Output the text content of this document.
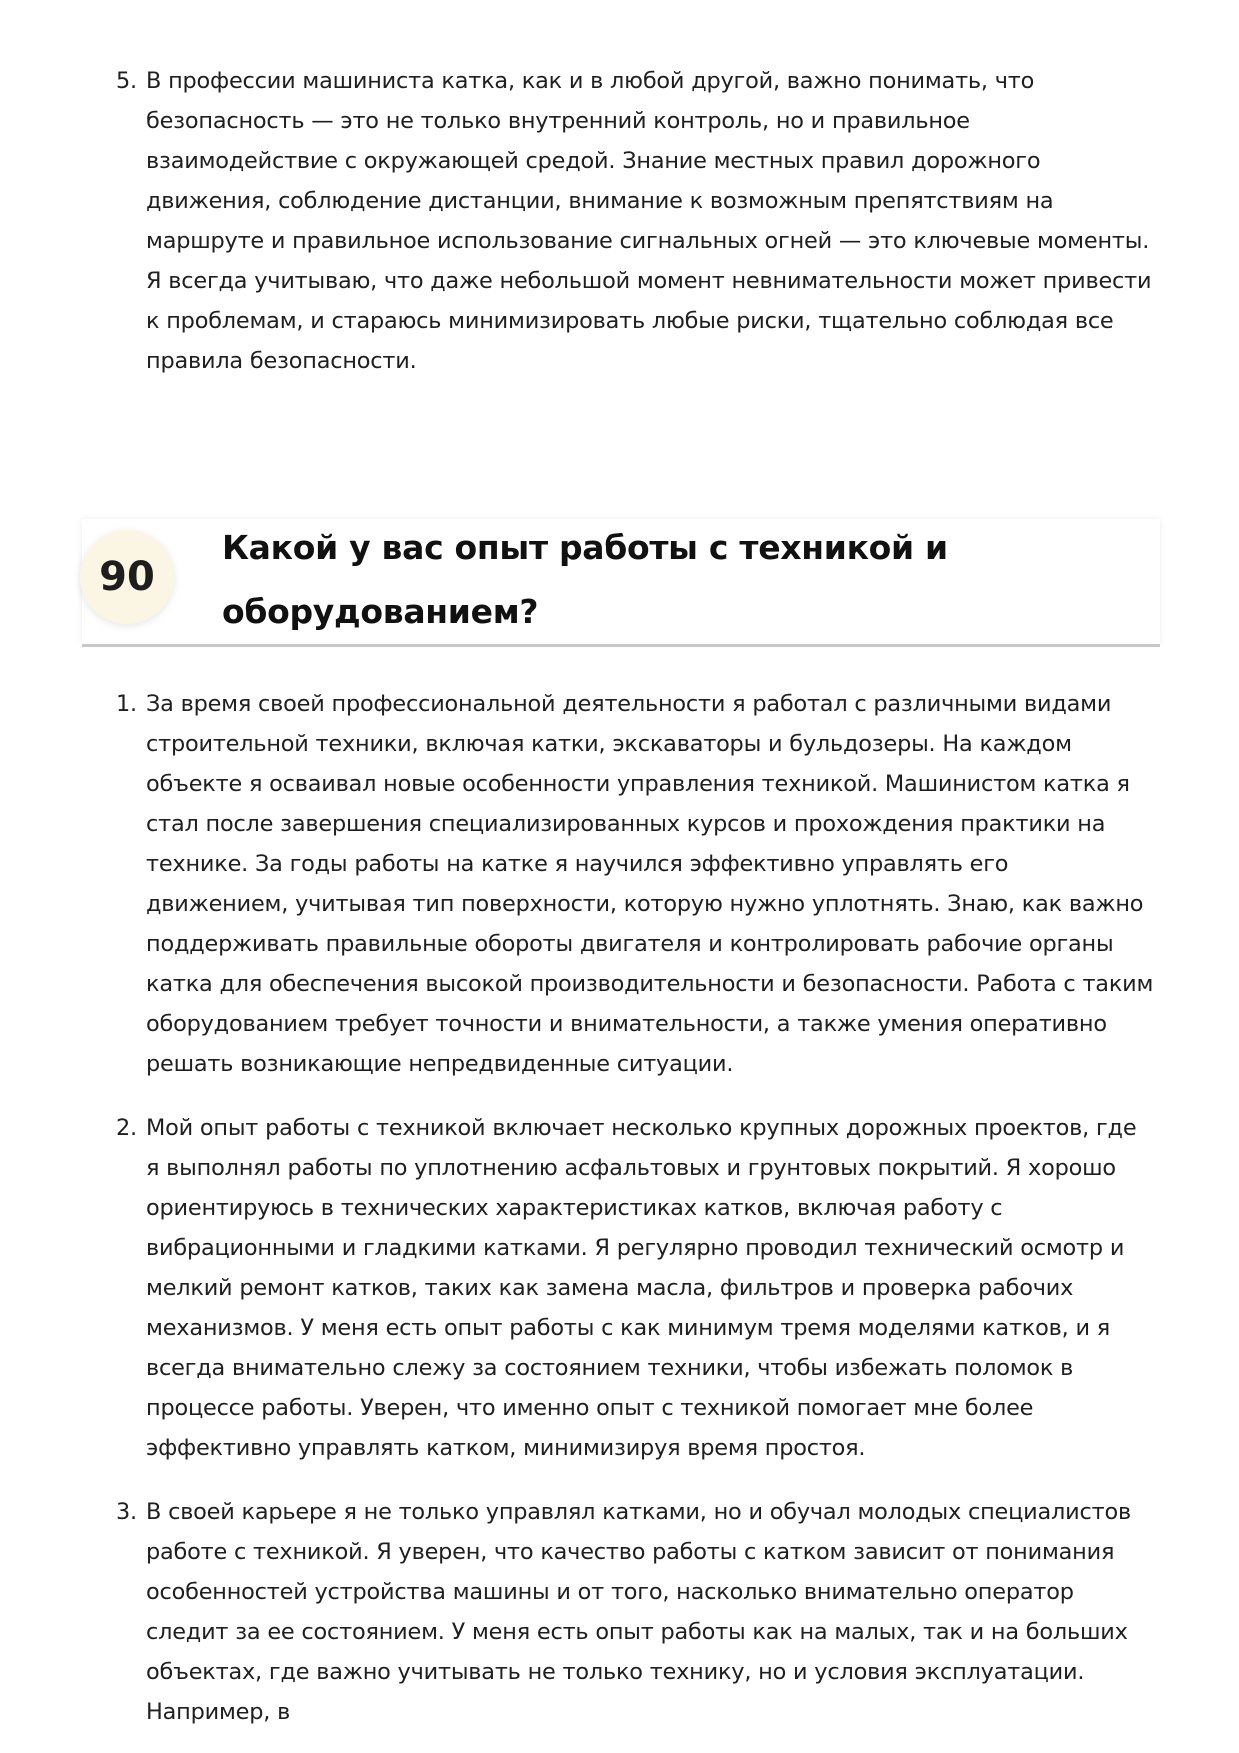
5. В профессии машиниста катка, как и в любой другой, важно понимать, что безопасность — это не только внутренний контроль, но и правильное взаимодействие с окружающей средой. Знание местных правил дорожного движения, соблюдение дистанции, внимание к возможным препятствиям на маршруте и правильное использование сигнальных огней — это ключевые моменты. Я всегда учитываю, что даже небольшой момент невнимательности может привести к проблемам, и стараюсь минимизировать любые риски, тщательно соблюдая все правила безопасности.
90
Какой у вас опыт работы с техникой и оборудованием?
1. За время своей профессиональной деятельности я работал с различными видами строительной техники, включая катки, экскаваторы и бульдозеры. На каждом объекте я осваивал новые особенности управления техникой. Машинистом катка я стал после завершения специализированных курсов и прохождения практики на технике. За годы работы на катке я научился эффективно управлять его движением, учитывая тип поверхности, которую нужно уплотнять. Знаю, как важно поддерживать правильные обороты двигателя и контролировать рабочие органы катка для обеспечения высокой производительности и безопасности. Работа с таким оборудованием требует точности и внимательности, а также умения оперативно решать возникающие непредвиденные ситуации.
2. Мой опыт работы с техникой включает несколько крупных дорожных проектов, где я выполнял работы по уплотнению асфальтовых и грунтовых покрытий. Я хорошо ориентируюсь в технических характеристиках катков, включая работу с вибрационными и гладкими катками. Я регулярно проводил технический осмотр и мелкий ремонт катков, таких как замена масла, фильтров и проверка рабочих механизмов. У меня есть опыт работы с как минимум тремя моделями катков, и я всегда внимательно слежу за состоянием техники, чтобы избежать поломок в процессе работы. Уверен, что именно опыт с техникой помогает мне более эффективно управлять катком, минимизируя время простоя.
3. В своей карьере я не только управлял катками, но и обучал молодых специалистов работе с техникой. Я уверен, что качество работы с катком зависит от понимания особенностей устройства машины и от того, насколько внимательно оператор следит за ее состоянием. У меня есть опыт работы как на малых, так и на больших объектах, где важно учитывать не только технику, но и условия эксплуатации. Например, в
